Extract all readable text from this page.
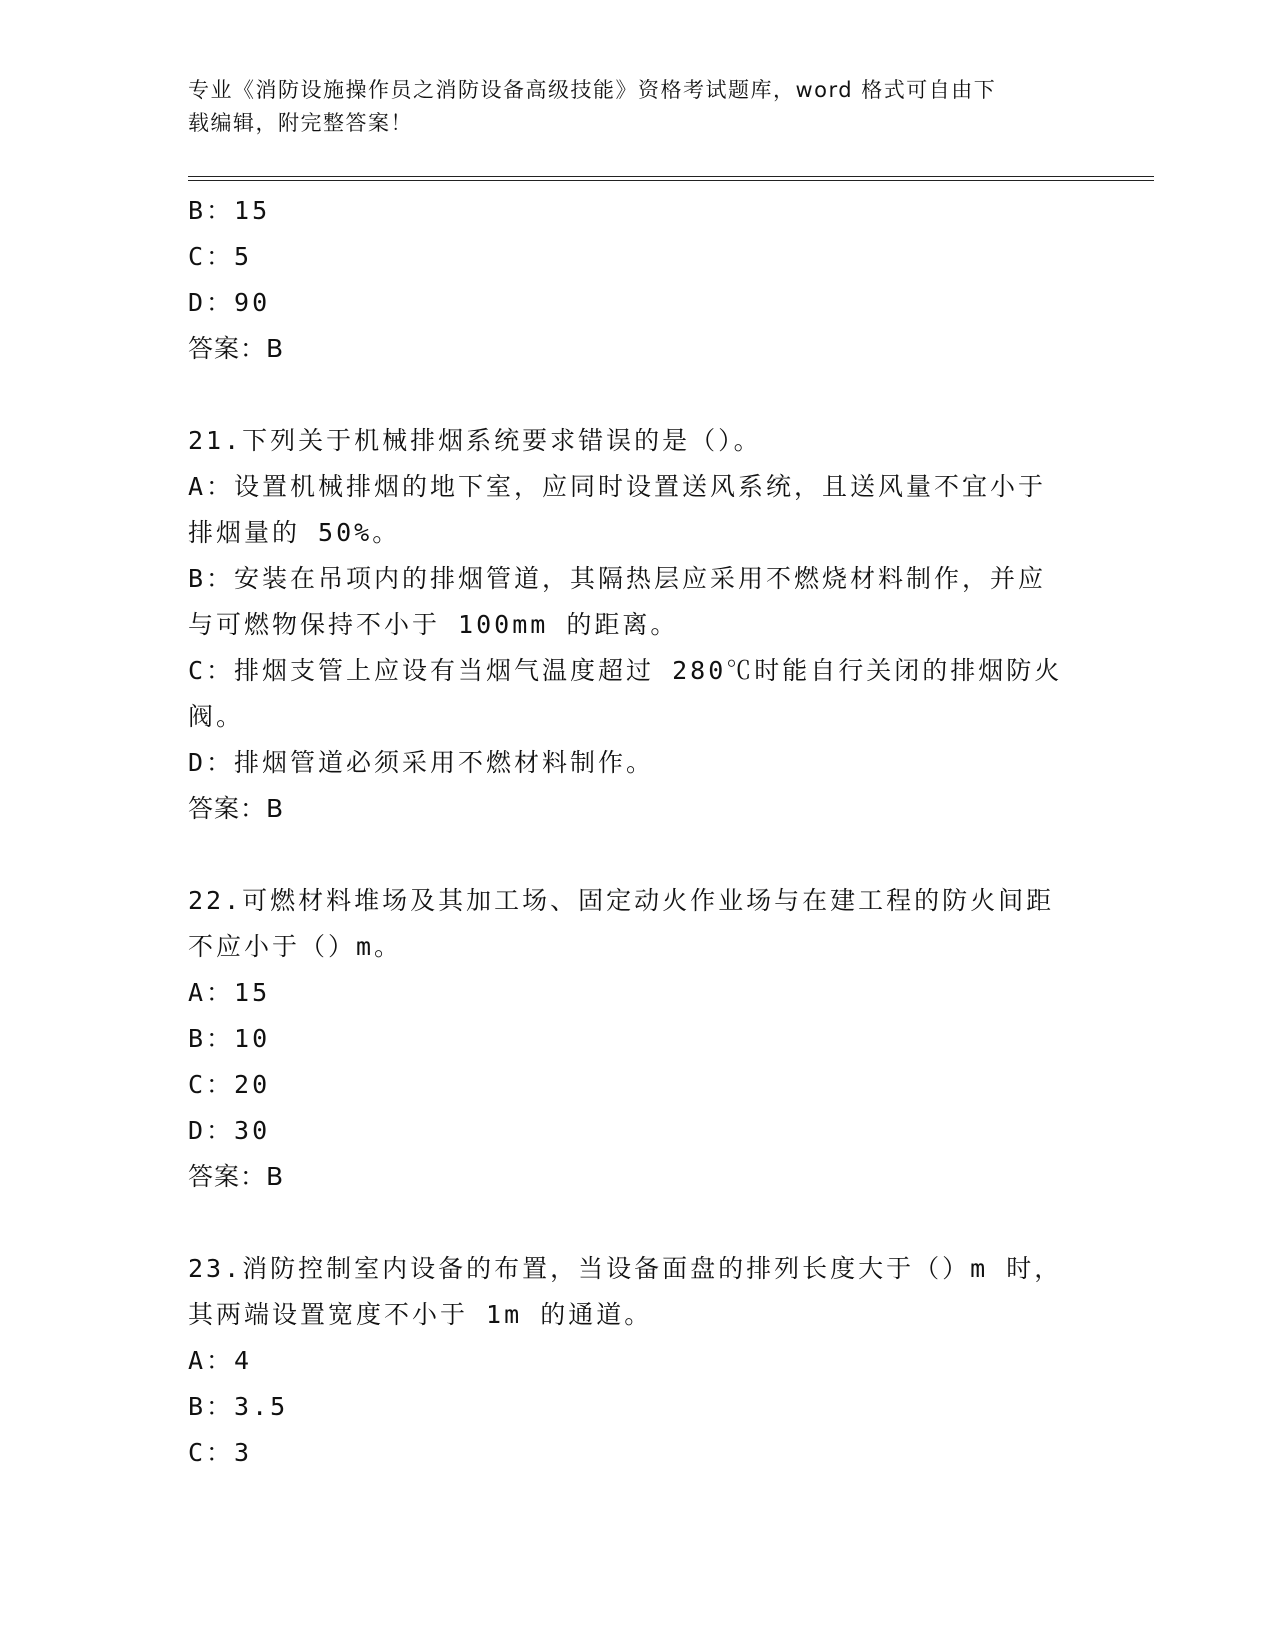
专业《消防设施操作员之消防设备高级技能》资格考试题库，word 格式可自由下
载编辑，附完整答案！
B：15
C：5
D：90
答案：B
21.下列关于机械排烟系统要求错误的是（）。
A：设置机械排烟的地下室，应同时设置送风系统，且送风量不宜小于
排烟量的 50%。
B：安装在吊项内的排烟管道，其隔热层应采用不燃烧材料制作，并应
与可燃物保持不小于 100mm 的距离。
C：排烟支管上应设有当烟气温度超过 280℃时能自行关闭的排烟防火
阀。
D：排烟管道必须采用不燃材料制作。
答案：B
22.可燃材料堆场及其加工场、固定动火作业场与在建工程的防火间距
不应小于（）m。
A：15
B：10
C：20
D：30
答案：B
23.消防控制室内设备的布置，当设备面盘的排列长度大于（）m 时，
其两端设置宽度不小于 1m 的通道。
A：4
B：3.5
C：3
